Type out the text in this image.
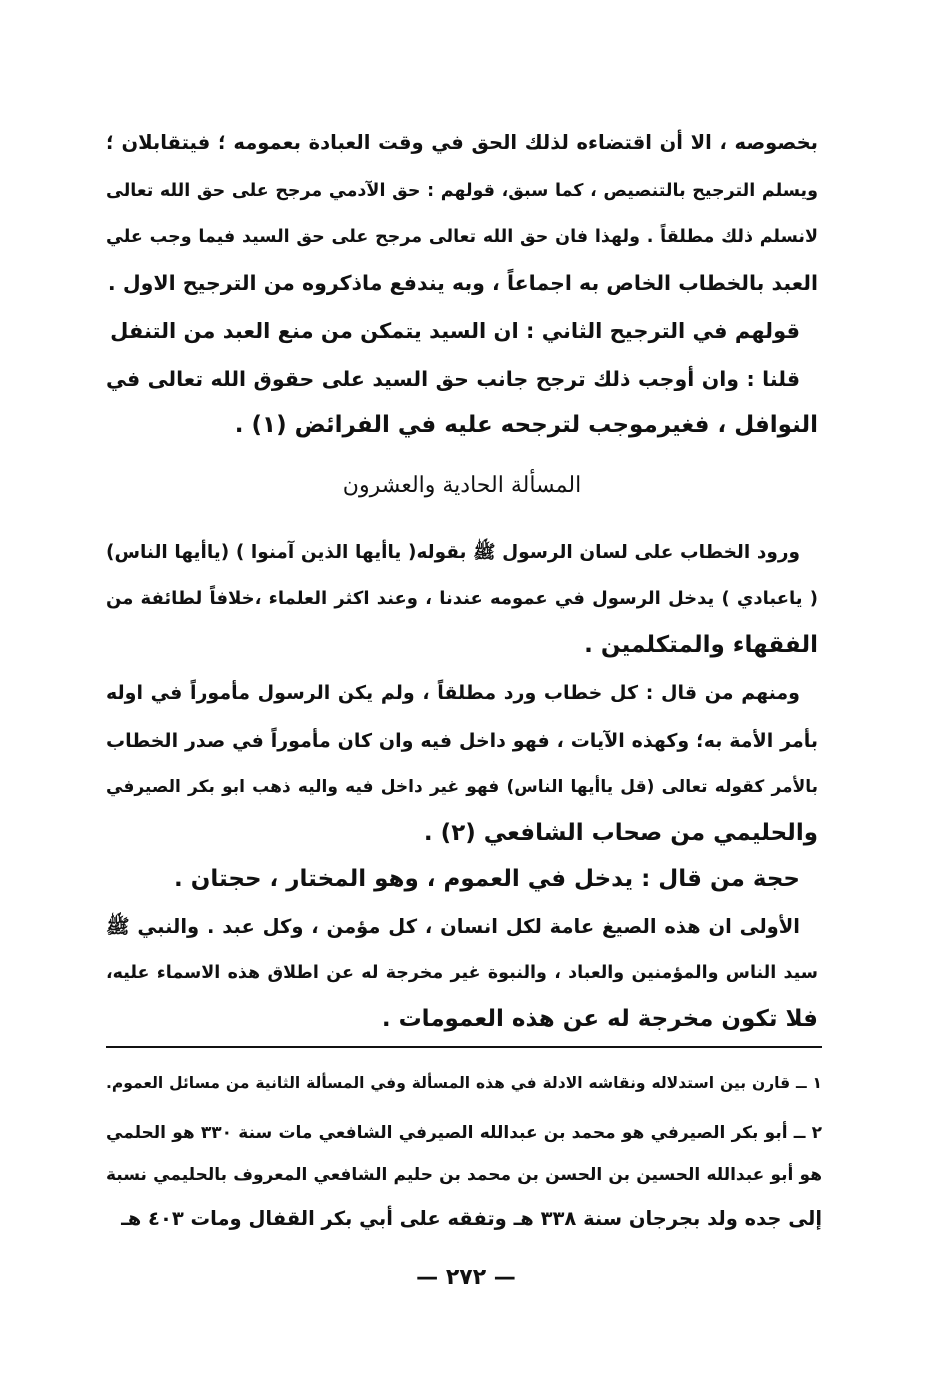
بخصوصه ، الا أن اقتضاءه لذلك الحق في وقت العبادة بعمومه ؛ فيتقابلان ؛
ويسلم الترجيح بالتنصيص ، كما سبق، قولهم : حق الآدمي مرجح على حق الله تعالى
لانسلم ذلك مطلقاً . ولهذا فان حق الله تعالى مرجح على حق السيد فيما وجب علي
العبد بالخطاب الخاص به اجماعاً ، وبه يندفع ماذكروه من الترجيح الاول .
قولهم في الترجيح الثاني : ان السيد يتمكن من منع العبد من التنفل
قلنا : وان أوجب ذلك ترجح جانب حق السيد على حقوق الله تعالى في
النوافل ، فغيرموجب لترجحه عليه في الفرائض (١) .
المسألة الحادية والعشرون
ورود الخطاب على لسان الرسول ﷺ بقوله( ياأيها الذين آمنوا ) (ياأيها الناس)
( ياعبادي ) يدخل الرسول في عمومه عندنا ، وعند اكثر العلماء ،خلافاً لطائفة من
الفقهاء والمتكلمين .
ومنهم من قال : كل خطاب ورد مطلقاً ، ولم يكن الرسول مأموراً في اوله
بأمر الأمة به؛ وكهذه الآيات ، فهو داخل فيه وان كان مأموراً في صدر الخطاب
بالأمر كقوله تعالى (قل ياأيها الناس) فهو غير داخل فيه واليه ذهب ابو بكر الصيرفي
والحليمي من صحاب الشافعي (٢) .
حجة من قال : يدخل في العموم ، وهو المختار ، حجتان .
الأولى ان هذه الصيغ عامة لكل انسان ، كل مؤمن ، وكل عبد . والنبي ﷺ
سيد الناس والمؤمنين والعباد ، والنبوة غير مخرجة له عن اطلاق هذه الاسماء عليه،
فلا تكون مخرجة له عن هذه العمومات .
١ ــ قارن بين استدلاله ونقاشه الادلة في هذه المسألة وفي المسألة الثانية من مسائل العموم.
٢ ــ أبو بكر الصيرفي هو محمد بن عبدالله الصيرفي الشافعي مات سنة ٣٣٠ هو الحلمي
هو أبو عبدالله الحسين بن الحسن بن محمد بن حليم الشافعي المعروف بالحليمي نسبة
إلى جده ولد بجرجان سنة ٣٣٨ هـ وتفقه على أبي بكر القفال ومات ٤٠٣ هـ
— ٢٧٢ —
